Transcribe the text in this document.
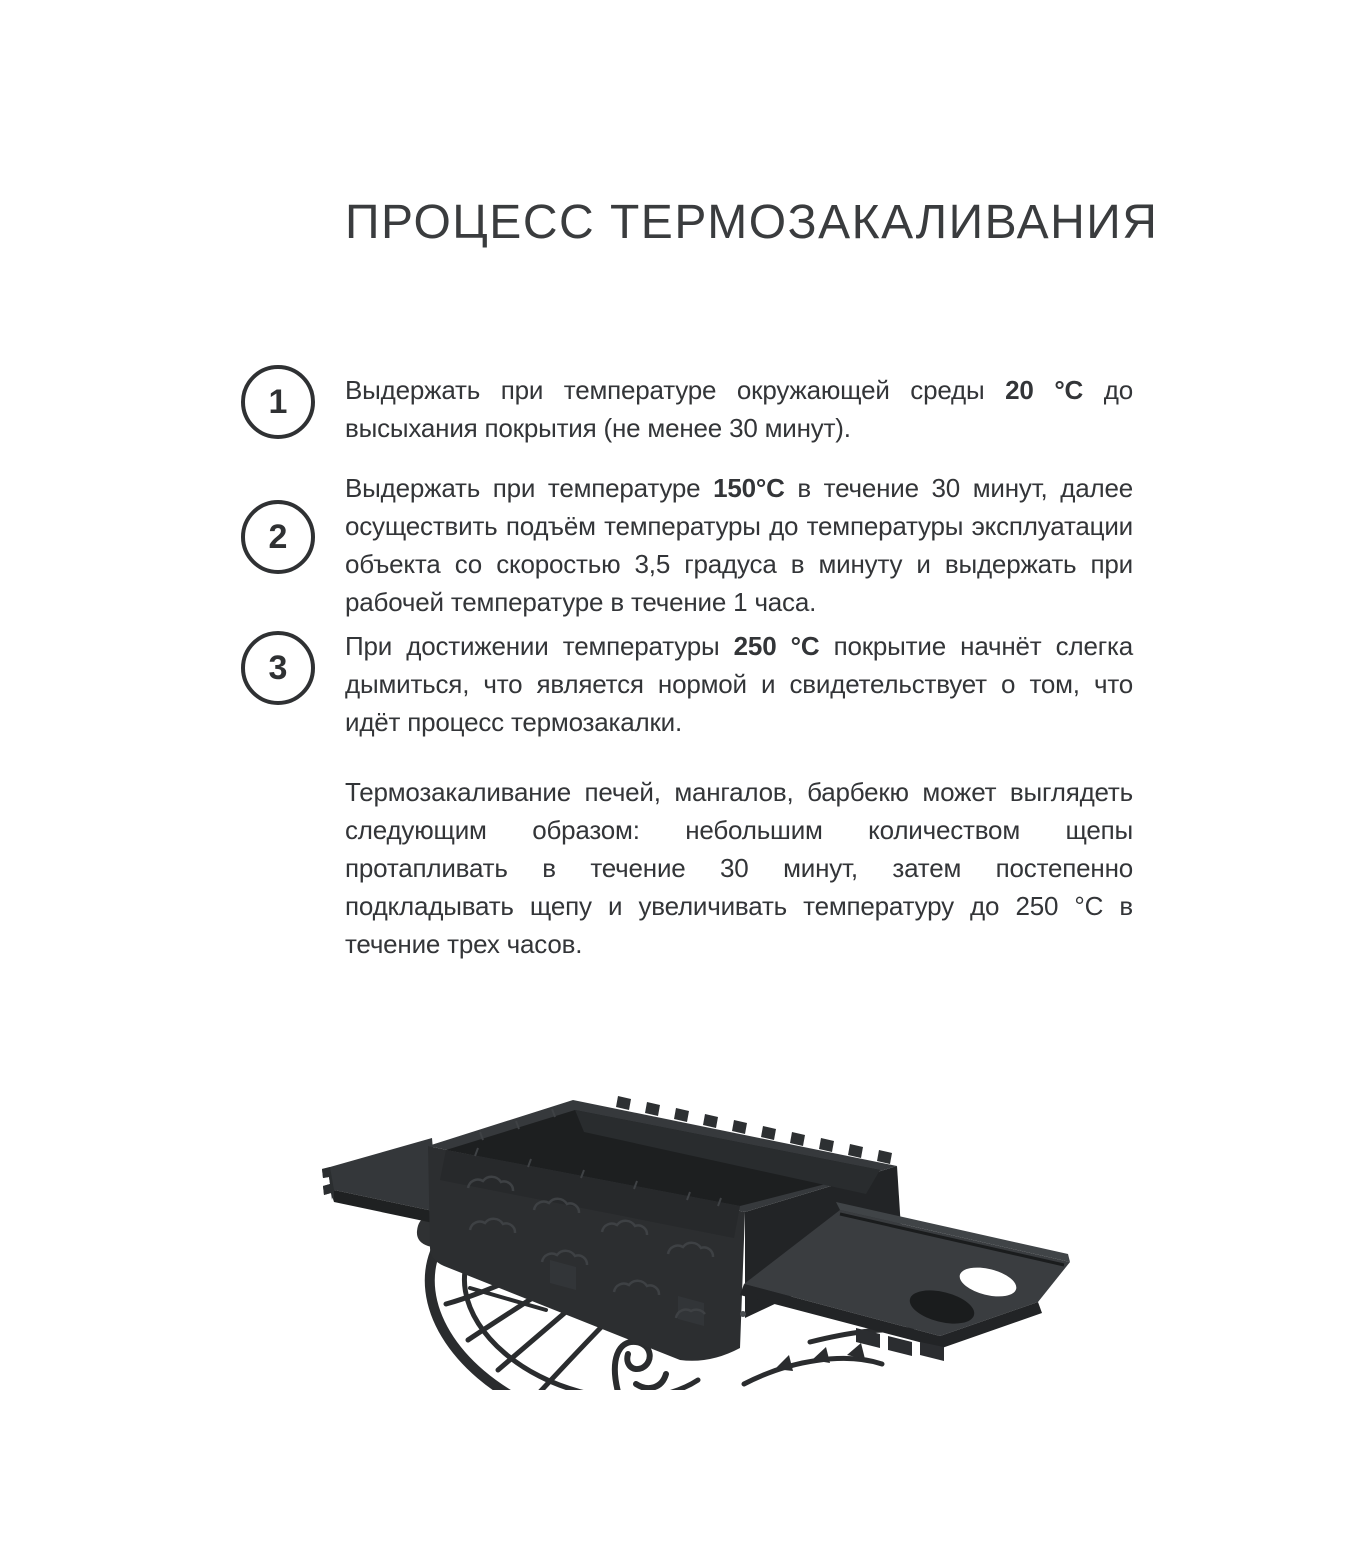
ПРОЦЕСС ТЕРМОЗАКАЛИВАНИЯ
1 Выдержать при температуре окружающей среды 20 °C до высыхания покрытия (не менее 30 минут).
2
Выдержать при температуре 150°C в течение 30 минут, далее осуществить подъём температуры до температуры эксплуатации объекта со скоростью 3,5 градуса в минуту и выдержать при рабочей температуре в течение 1 часа.
3
При достижении температуры 250 °C покрытие начнёт слегка дымиться, что является нормой и свидетельствует о том, что идёт процесс термозакалки.
Термозакаливание печей, мангалов, барбекю может выглядеть следующим образом: небольшим количеством щепы протапливать в течение 30 минут, затем постепенно подкладывать щепу и увеличивать температуру до 250 °C в течение трех часов.
